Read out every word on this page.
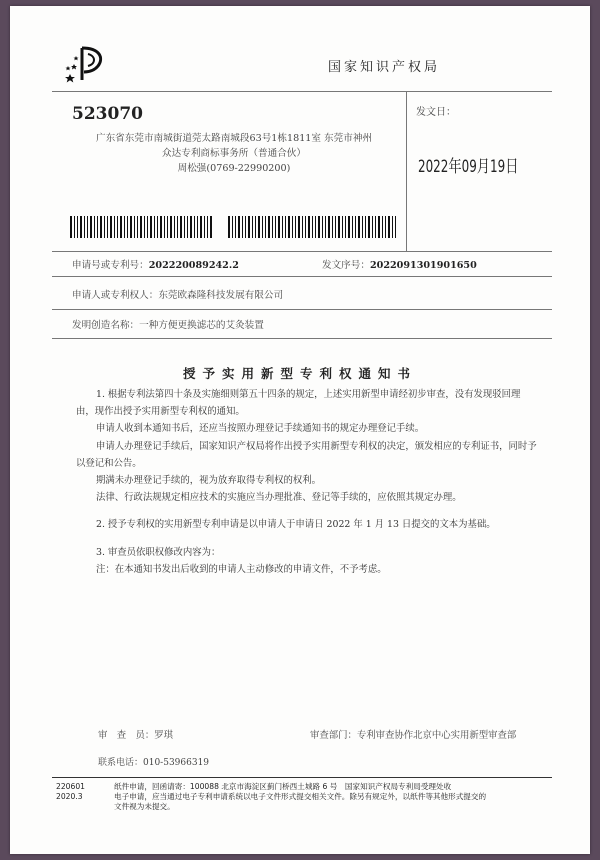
国家知识产权局
523070
广东省东莞市南城街道莞太路南城段63号1栋1811室 东莞市神州
众达专利商标事务所（普通合伙）
周松强(0769-22990200)
发文日：
2022年09月19日
申请号或专利号：202220089242.2	发文序号：2022091301901650
申请人或专利权人：东莞欧森隆科技发展有限公司
发明创造名称：一种方便更换滤芯的艾灸装置
授予实用新型专利权通知书

1. 根据专利法第四十条及实施细则第五十四条的规定，上述实用新型申请经初步审查，没有发现驳回理由，现作出授予实用新型专利权的通知。

申请人收到本通知书后，还应当按照办理登记手续通知书的规定办理登记手续。

申请人办理登记手续后，国家知识产权局将作出授予实用新型专利权的决定，颁发相应的专利证书，同时予以登记和公告。

期满未办理登记手续的，视为放弃取得专利权的权利。

法律、行政法规规定相应技术的实施应当办理批准、登记等手续的，应依照其规定办理。

2. 授予专利权的实用新型专利申请是以申请人于申请日 2022 年 1 月 13 日提交的文本为基础。

3. 审查员依职权修改内容为：

注：在本通知书发出后收到的申请人主动修改的申请文件，不予考虑。

审　查　员：罗琪	审查部门：专利审查协作北京中心实用新型审查部
联系电话：010-53966319
220601
2020.3
纸件申请，回函请寄：100088 北京市海淀区蓟门桥西土城路 6 号　国家知识产权局专利局受理处收
电子申请，应当通过电子专利申请系统以电子文件形式提交相关文件。除另有规定外，以纸件等其他形式提交的
文件视为未提交。
